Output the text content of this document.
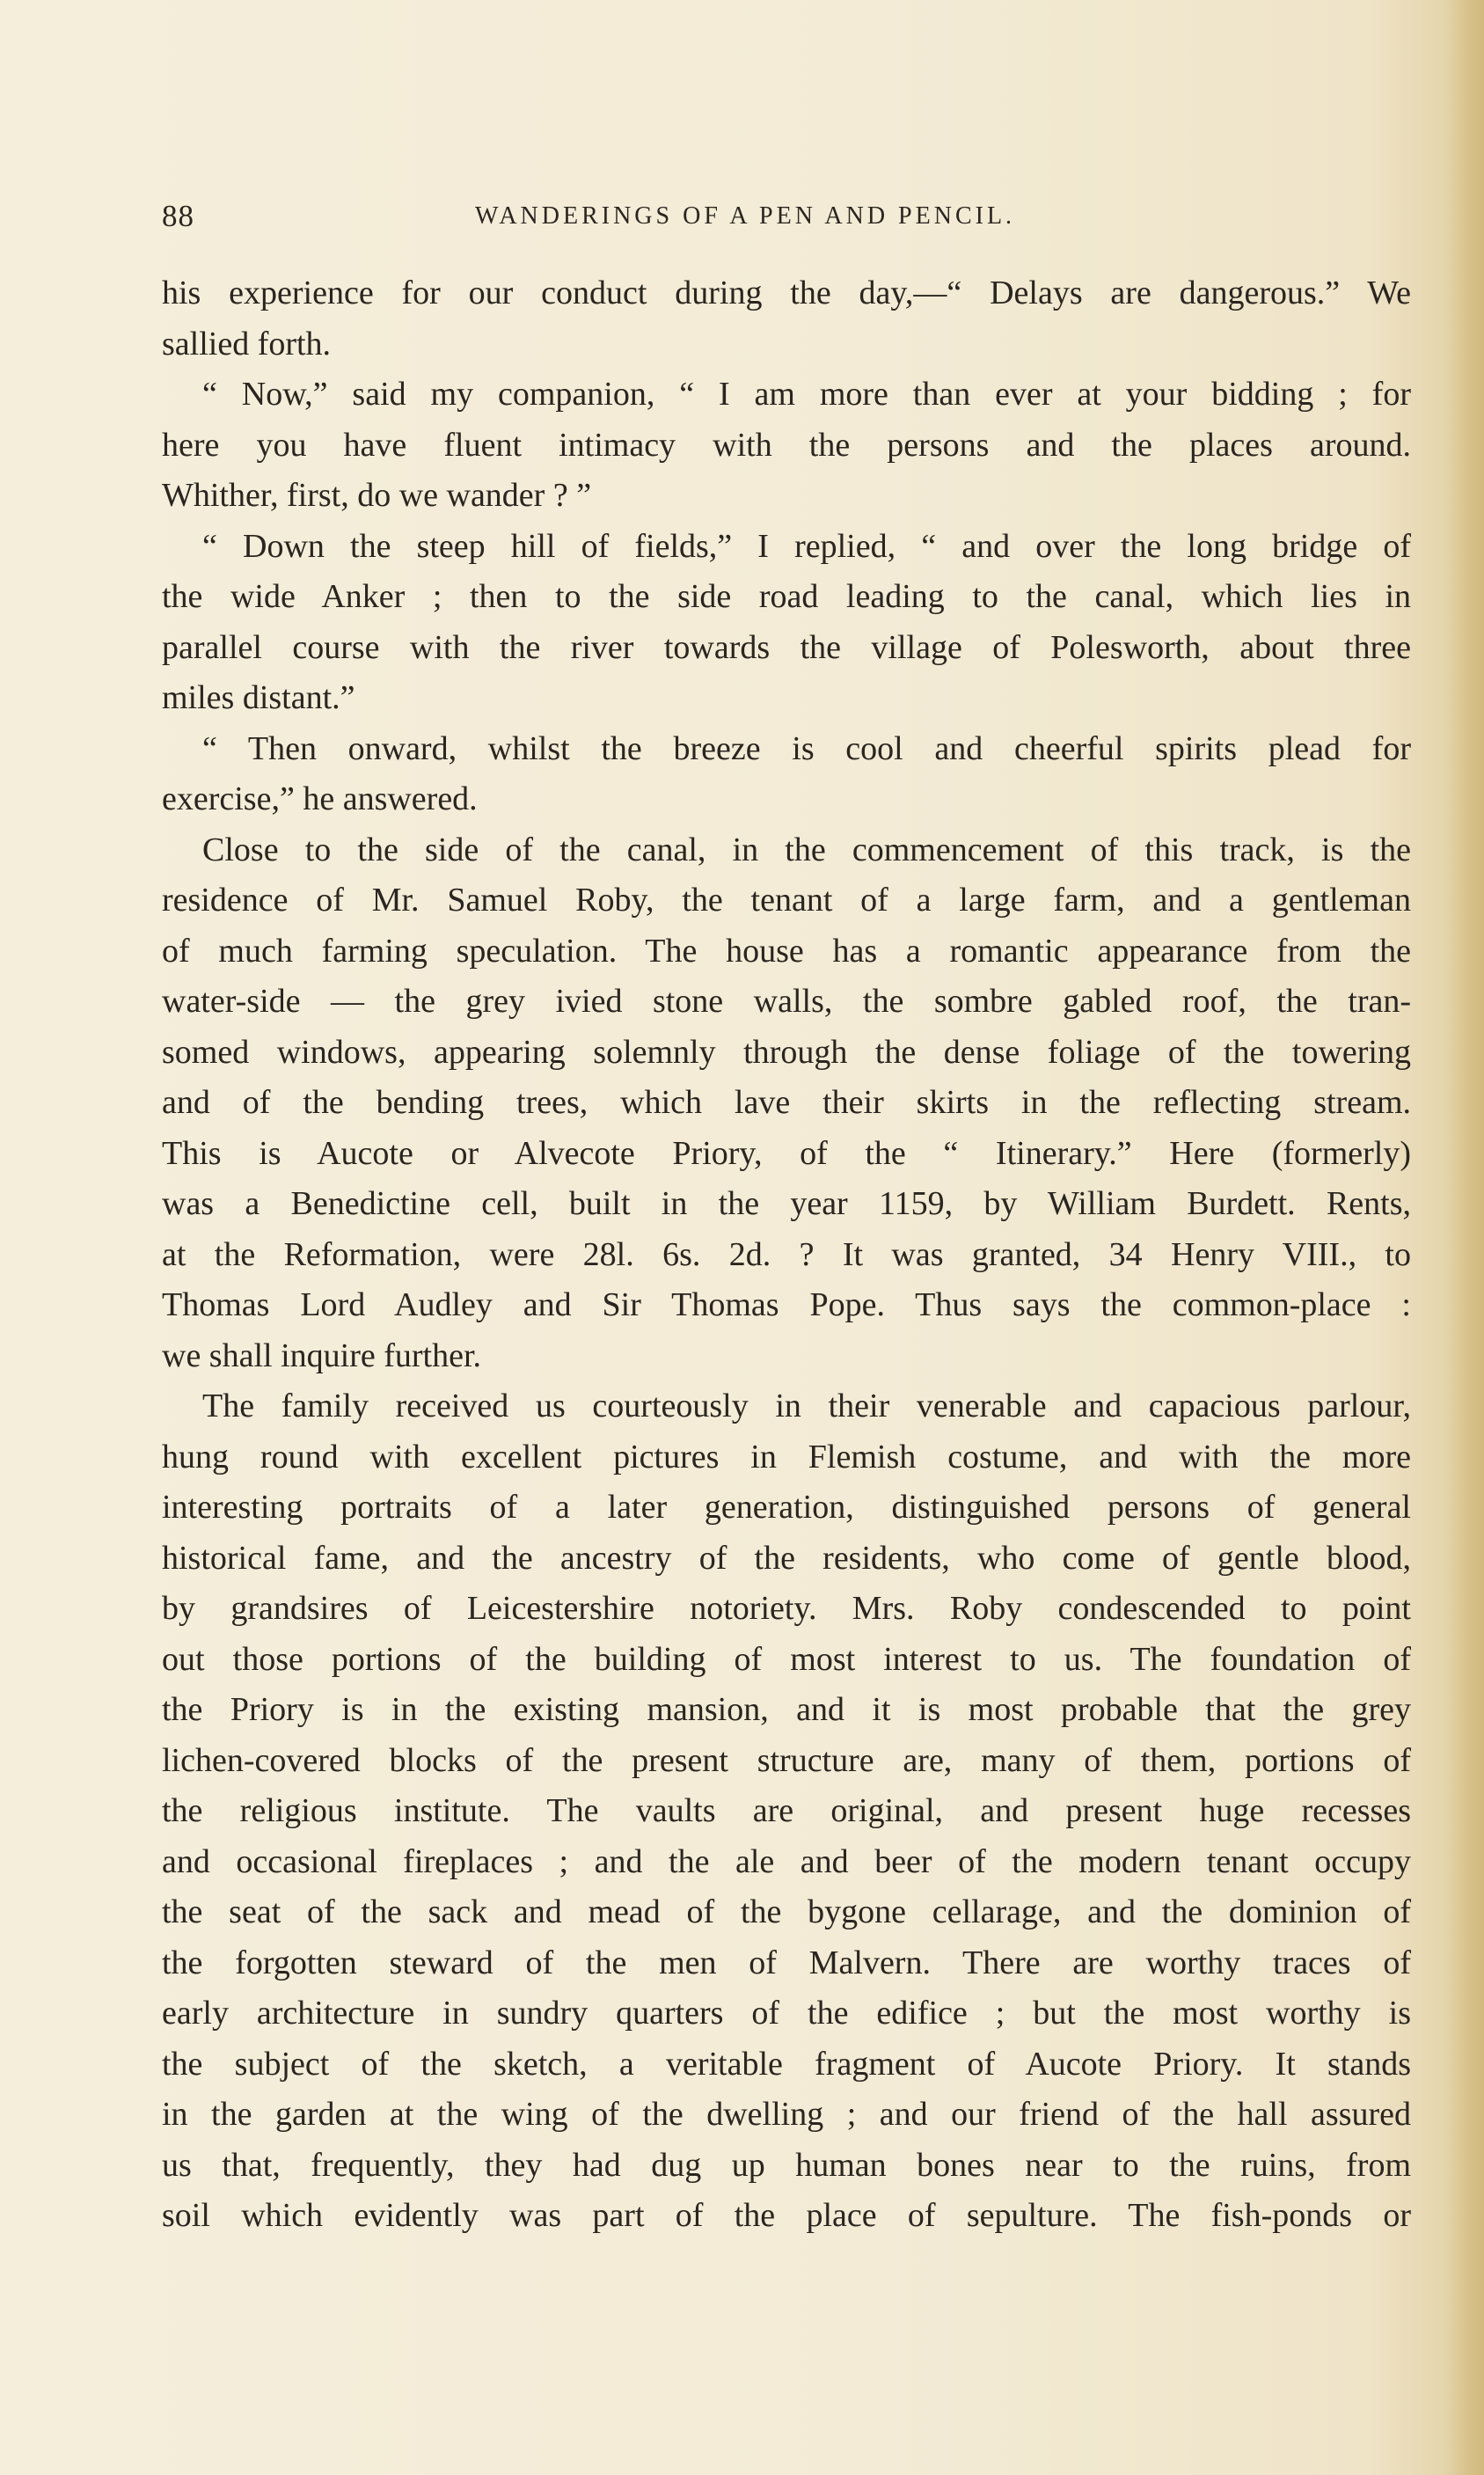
88	WANDERINGS OF A PEN AND PENCIL.
his experience for our conduct during the day,—“ Delays are dangerous.” We
sallied forth.
“ Now,” said my companion, “ I am more than ever at your bidding ; for
here you have fluent intimacy with the persons and the places around.
Whither, first, do we wander ? ”
“ Down the steep hill of fields,” I replied, “ and over the long bridge of
the wide Anker ; then to the side road leading to the canal, which lies in
parallel course with the river towards the village of Polesworth, about three
miles distant.”
“ Then onward, whilst the breeze is cool and cheerful spirits plead for
exercise,” he answered.
Close to the side of the canal, in the commencement of this track, is the
residence of Mr. Samuel Roby, the tenant of a large farm, and a gentleman
of much farming speculation. The house has a romantic appearance from the
water-side — the grey ivied stone walls, the sombre gabled roof, the tran-
somed windows, appearing solemnly through the dense foliage of the towering
and of the bending trees, which lave their skirts in the reflecting stream.
This is Aucote or Alvecote Priory, of the “ Itinerary.” Here (formerly)
was a Benedictine cell, built in the year 1159, by William Burdett. Rents,
at the Reformation, were 28l. 6s. 2d. ? It was granted, 34 Henry VIII., to
Thomas Lord Audley and Sir Thomas Pope. Thus says the common-place :
we shall inquire further.
The family received us courteously in their venerable and capacious parlour,
hung round with excellent pictures in Flemish costume, and with the more
interesting portraits of a later generation, distinguished persons of general
historical fame, and the ancestry of the residents, who come of gentle blood,
by grandsires of Leicestershire notoriety. Mrs. Roby condescended to point
out those portions of the building of most interest to us. The foundation of
the Priory is in the existing mansion, and it is most probable that the grey
lichen-covered blocks of the present structure are, many of them, portions of
the religious institute. The vaults are original, and present huge recesses
and occasional fireplaces ; and the ale and beer of the modern tenant occupy
the seat of the sack and mead of the bygone cellarage, and the dominion of
the forgotten steward of the men of Malvern. There are worthy traces of
early architecture in sundry quarters of the edifice ; but the most worthy is
the subject of the sketch, a veritable fragment of Aucote Priory. It stands
in the garden at the wing of the dwelling ; and our friend of the hall assured
us that, frequently, they had dug up human bones near to the ruins, from
soil which evidently was part of the place of sepulture. The fish-ponds or
